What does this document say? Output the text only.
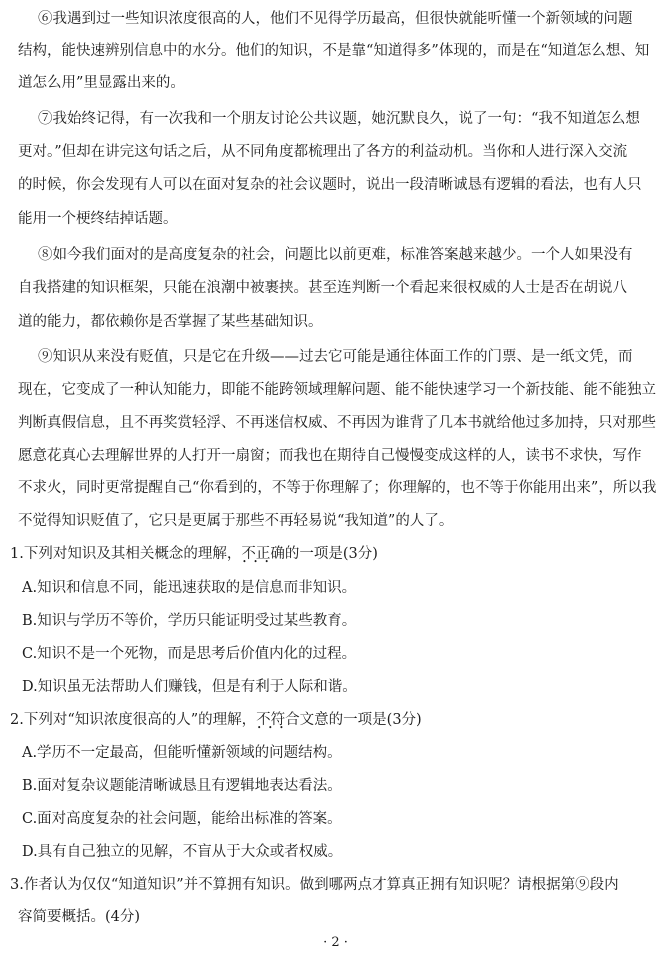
⑥我遇到过一些知识浓度很高的人，他们不见得学历最高，但很快就能听懂一个新领域的问题
结构，能快速辨别信息中的水分。他们的知识，不是靠“知道得多”体现的，而是在“知道怎么想、知
道怎么用”里显露出来的。
⑦我始终记得，有一次我和一个朋友讨论公共议题，她沉默良久，说了一句：“我不知道怎么想
更对。”但却在讲完这句话之后，从不同角度都梳理出了各方的利益动机。当你和人进行深入交流
的时候，你会发现有人可以在面对复杂的社会议题时，说出一段清晰诚恳有逻辑的看法，也有人只
能用一个梗终结掉话题。
⑧如今我们面对的是高度复杂的社会，问题比以前更难，标准答案越来越少。一个人如果没有
自我搭建的知识框架，只能在浪潮中被裹挟。甚至连判断一个看起来很权威的人士是否在胡说八
道的能力，都依赖你是否掌握了某些基础知识。
⑨知识从来没有贬值，只是它在升级——过去它可能是通往体面工作的门票、是一纸文凭，而
现在，它变成了一种认知能力，即能不能跨领域理解问题、能不能快速学习一个新技能、能不能独立
判断真假信息，且不再奖赏轻浮、不再迷信权威、不再因为谁背了几本书就给他过多加持，只对那些
愿意花真心去理解世界的人打开一扇窗；而我也在期待自己慢慢变成这样的人，读书不求快，写作
不求火，同时更常提醒自己“你看到的，不等于你理解了；你理解的，也不等于你能用出来”，所以我
不觉得知识贬值了，它只是更属于那些不再轻易说“我知道”的人了。
1.下列对知识及其相关概念的理解，不正确 •••的一项是(3分)
A.知识和信息不同，能迅速获取的是信息而非知识。
B.知识与学历不等价，学历只能证明受过某些教育。
C.知识不是一个死物，而是思考后价值内化的过程。
D.知识虽无法帮助人们赚钱，但是有利于人际和谐。
2.下列对“知识浓度很高的人”的理解，不符合 •••文意的一项是(3分)
A.学历不一定最高，但能听懂新领域的问题结构。
B.面对复杂议题能清晰诚恳且有逻辑地表达看法。
C.面对高度复杂的社会问题，能给出标准的答案。
D.具有自己独立的见解，不盲从于大众或者权威。
3.作者认为仅仅“知道知识”并不算拥有知识。做到哪两点才算真正拥有知识呢？请根据第⑨段内
容简要概括。(4分)
· 2 ·
